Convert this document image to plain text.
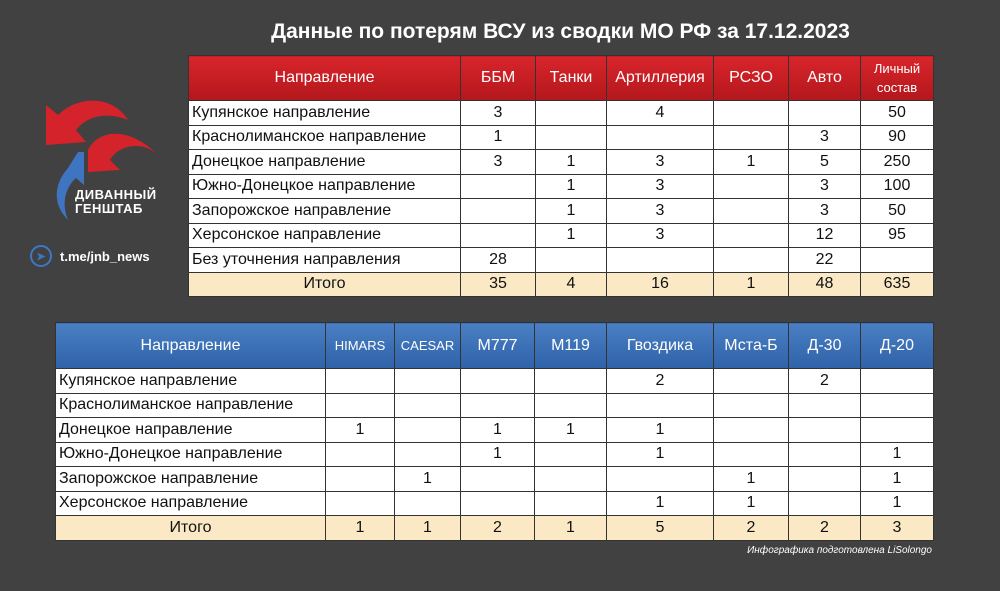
Данные по потерям ВСУ из сводки МО РФ за 17.12.2023
ДИВАННЫЙ
ГЕНШТАБ
➤	t.me/jnb_news
Направление	ББМ	Танки	Артиллерия	РСЗО	Авто	Личный состав
Купянское направление	3		4			50
Краснолиманское направление	1				3	90
Донецкое направление	3	1	3	1	5	250
Южно-Донецкое направление		1	3		3	100
Запорожское направление		1	3		3	50
Херсонское направление		1	3		12	95
Без уточнения направления	28				22	
Итого	35	4	16	1	48	635
Направление	HIMARS	CAESAR	М777	М119	Гвоздика	Мста-Б	Д-30	Д-20
Купянское направление					2		2	
Краснолиманское направление								
Донецкое направление	1		1	1	1			
Южно-Донецкое направление			1		1			1
Запорожское направление		1				1		1
Херсонское направление					1	1		1
Итого	1	1	2	1	5	2	2	3
Инфографика подготовлена LiSolongo
